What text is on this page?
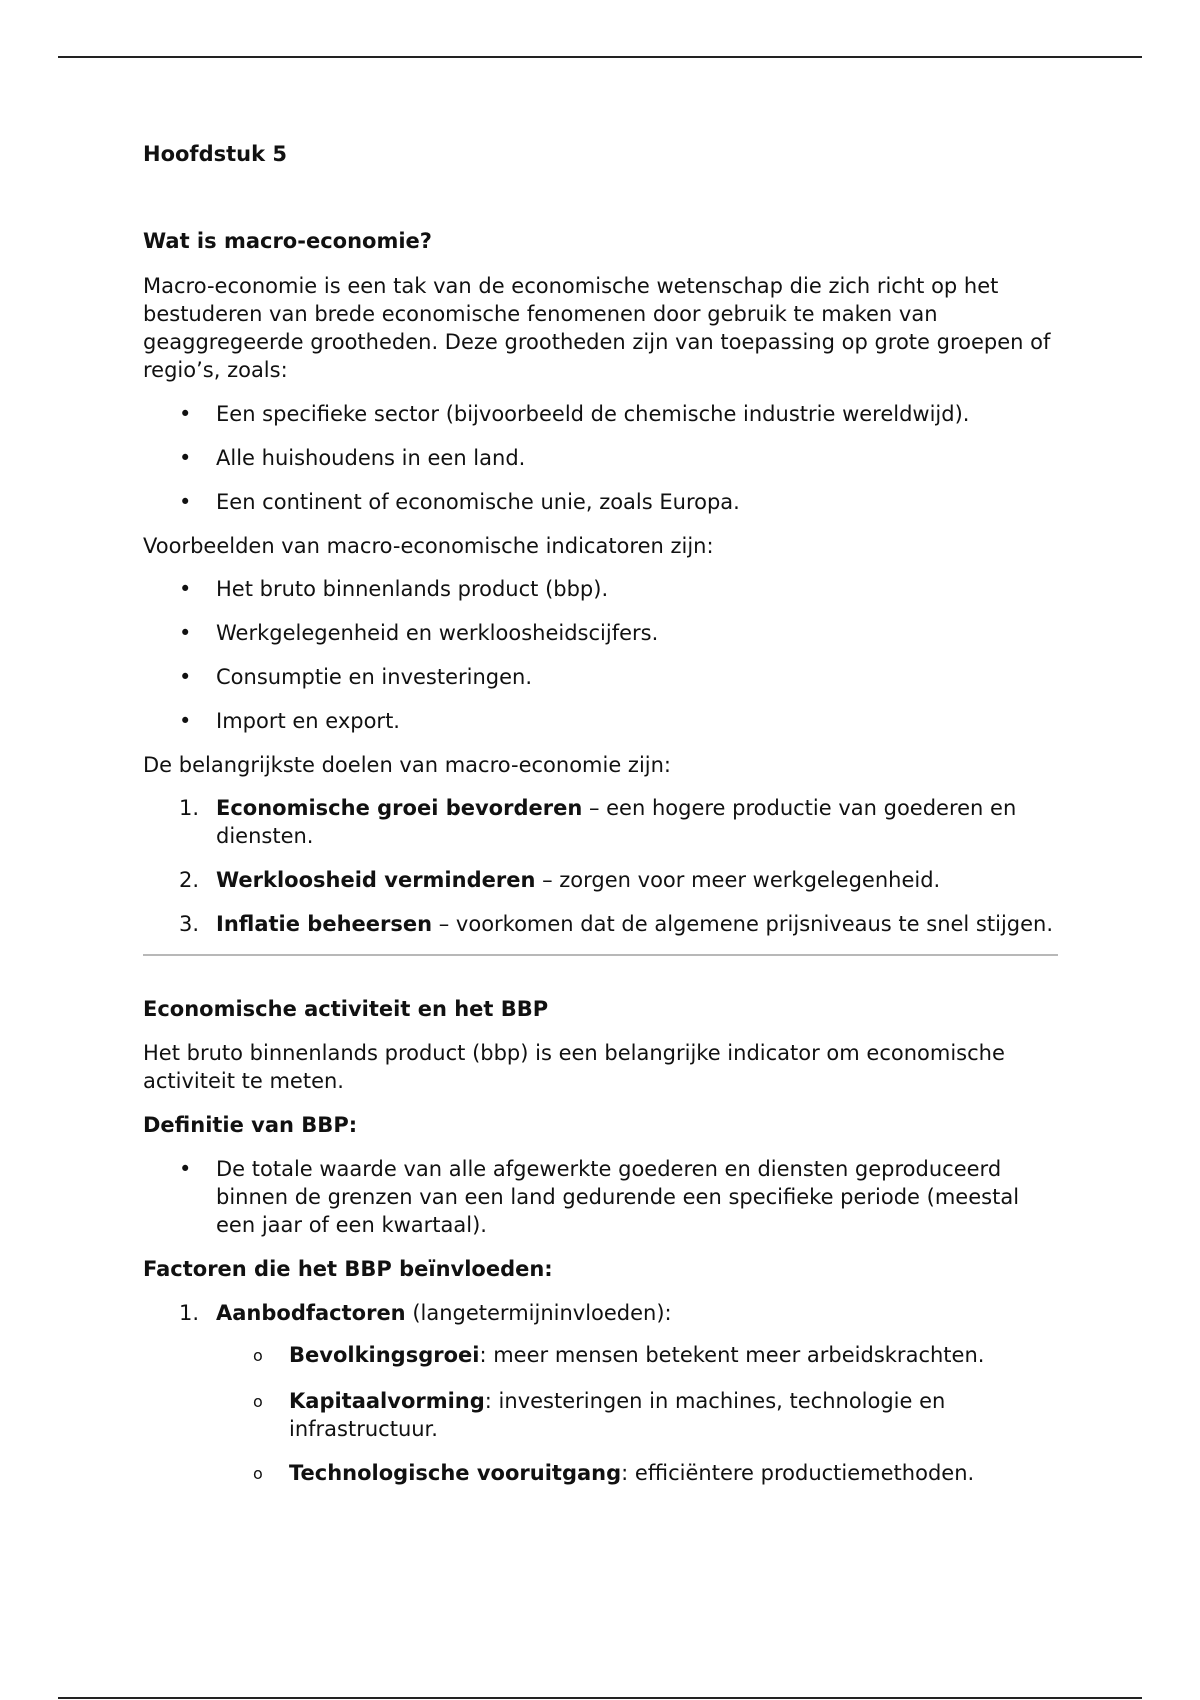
Hoofdstuk 5
Wat is macro-economie?

Macro-economie is een tak van de economische wetenschap die zich richt op het bestuderen van brede economische fenomenen door gebruik te maken van geaggregeerde grootheden. Deze grootheden zijn van toepassing op grote groepen of regio’s, zoals:

• Een specifieke sector (bijvoorbeeld de chemische industrie wereldwijd).
• Alle huishoudens in een land.
• Een continent of economische unie, zoals Europa.

Voorbeelden van macro-economische indicatoren zijn:

• Het bruto binnenlands product (bbp).
• Werkgelegenheid en werkloosheidscijfers.
• Consumptie en investeringen.
• Import en export.

De belangrijkste doelen van macro-economie zijn:

1. Economische groei bevorderen – een hogere productie van goederen en diensten.
2. Werkloosheid verminderen – zorgen voor meer werkgelegenheid.
3. Inflatie beheersen – voorkomen dat de algemene prijsniveaus te snel stijgen.
Economische activiteit en het BBP

Het bruto binnenlands product (bbp) is een belangrijke indicator om economische activiteit te meten.

Definitie van BBP:
• De totale waarde van alle afgewerkte goederen en diensten geproduceerd binnen de grenzen van een land gedurende een specifieke periode (meestal een jaar of een kwartaal).
Factoren die het BBP beïnvloeden:
1. Aanbodfactoren (langetermijninvloeden):
o Bevolkingsgroei: meer mensen betekent meer arbeidskrachten.
o Kapitaalvorming: investeringen in machines, technologie en infrastructuur.
o Technologische vooruitgang: efficiëntere productiemethoden.
